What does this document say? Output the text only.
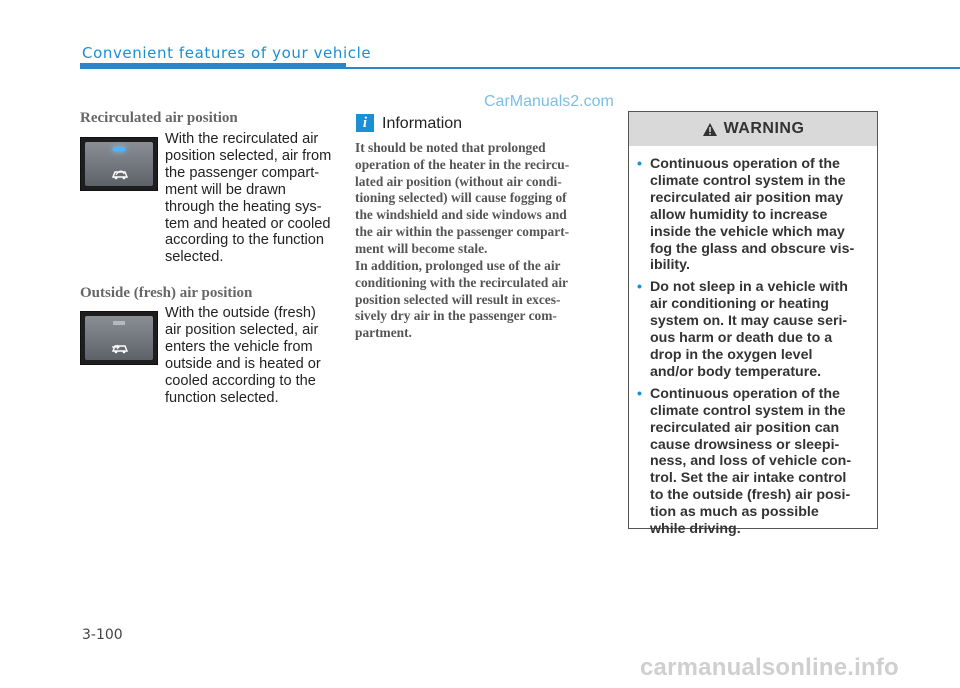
Convenient features of your vehicle
CarManuals2.com
Recirculated air position
With the recirculated air
position selected, air from
the passenger compart-
ment will be drawn
through the heating sys-
tem and heated or cooled
according to the function
selected.
Outside (fresh) air position
With the outside (fresh)
air position selected, air
enters the vehicle from
outside and is heated or
cooled according to the
function selected.
i Information
It should be noted that prolonged
operation of the heater in the recircu-
lated air position (without air condi-
tioning selected) will cause fogging of
the windshield and side windows and
the air within the passenger compart-
ment will become stale.
In addition, prolonged use of the air
conditioning with the recirculated air
position selected will result in exces-
sively dry air in the passenger com-
partment.
WARNING
• Continuous operation of the
climate control system in the
recirculated air position may
allow humidity to increase
inside the vehicle which may
fog the glass and obscure vis-
ibility.
• Do not sleep in a vehicle with
air conditioning or heating
system on. It may cause seri-
ous harm or death due to a
drop in the oxygen level
and/or body temperature.
• Continuous operation of the
climate control system in the
recirculated air position can
cause drowsiness or sleepi-
ness, and loss of vehicle con-
trol. Set the air intake control
to the outside (fresh) air posi-
tion as much as possible
while driving.
3-100
carmanualsonline.info
